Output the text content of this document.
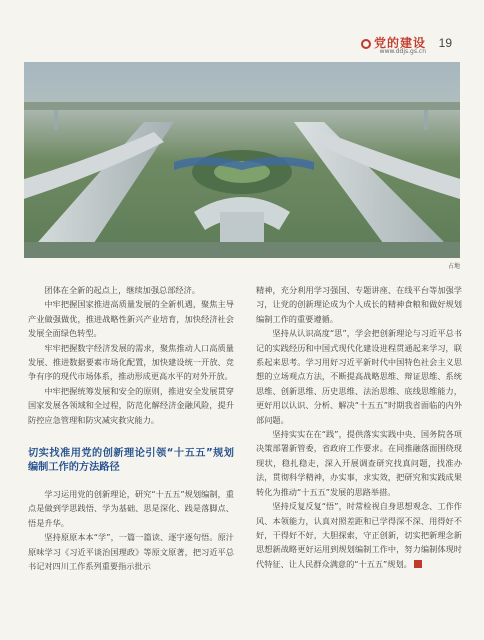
党的建设
www.ddjs.gs.cn
19
占地

团体在全新的起点上，继续加强总部经济。

中牢把握国家推进高质量发展的全新机遇，聚焦主导产业做强做优，推进战略性新兴产业培育，加快经济社会发展全面绿色转型。

牢牢把握数字经济发展的需求，聚焦推动人口高质量发展、推进数据要素市场化配置，加快建设统一开放、竞争有序的现代市场体系，推动形成更高水平的对外开放。

中牢把握统筹发展和安全的原则，推进安全发展贯穿国家发展各领域和全过程，防范化解经济金融风险，提升防控应急管理和防灾减灾救灾能力。

切实找准用党的创新理论引领“十五五”规划编制工作的方法路径

学习运用党的创新理论，研究“十五五”规划编制，重点是做到学思践悟、学为基础、思是深化、践是落脚点、悟是升华。

坚持原原本本“学”，一篇一篇读、逐字逐句悟。原汁原味学习《习近平谈治国理政》等原文原著，把习近平总书记对四川工作系列重要指示批示

精神，充分利用学习强国、专题讲座、在线平台等加强学习，让党的创新理论成为个人成长的精神食粮和做好规划编制工作的重要遵循。

坚持从认识高度“思”，学会把创新理论与习近平总书记的实践经历和中国式现代化建设进程贯通起来学习，联系起来思考。学习用好习近平新时代中国特色社会主义思想的立场观点方法，不断提高战略思维、辩证思维、系统思维、创新思维、历史思维、法治思维、底线思维能力，更好用以认识、分析、解决“十五五”时期我省面临的内外部问题。

坚持实实在在“践”，提供落实实践中央、国务院各项决策部署新管委，省政府工作要求。在同推融落面围绕现现状，稳扎稳走，深入开展调查研究找真问题，找准办法，贯彻科学精神，办实事，求实效，把研究和实践成果转化为推动“十五五”发展的思路举措。

坚持反复反复“悟”，时常检视自身思想观念、工作作风、本领能力，认真对照差距和已学得深不深、用得好不好，干得好不好，大胆探索，守正创新，切实把新理念新思想新战略更好运用到规划编制工作中，努力编制体现时代特征、让人民群众满意的“十五五”规划。
